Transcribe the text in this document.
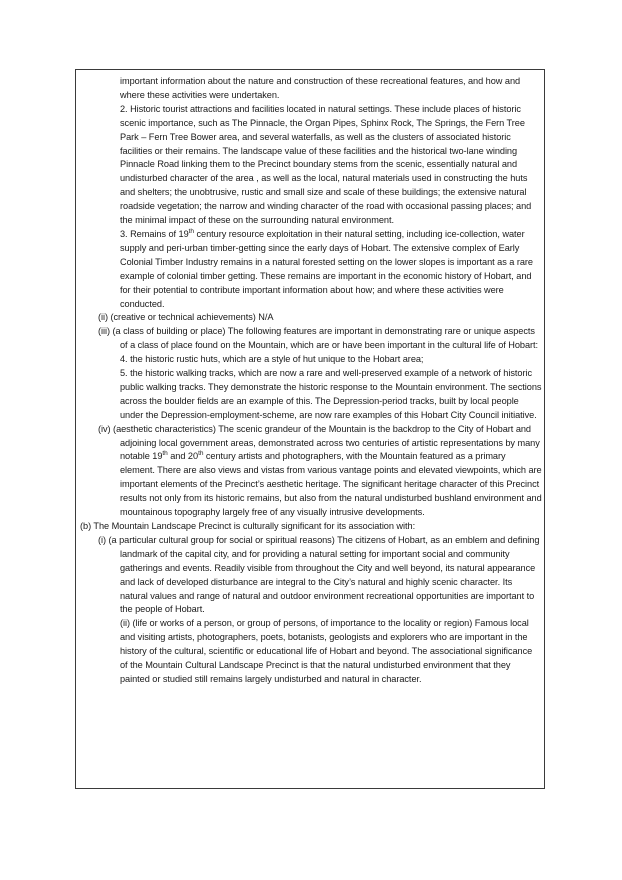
important information about the nature and construction of these recreational features, and how and where these activities were undertaken.

2. Historic tourist attractions and facilities located in natural settings. These include places of historic scenic importance, such as The Pinnacle, the Organ Pipes, Sphinx Rock, The Springs, the Fern Tree Park – Fern Tree Bower area, and several waterfalls, as well as the clusters of associated historic facilities or their remains. The landscape value of these facilities and the historical two-lane winding Pinnacle Road linking them to the Precinct boundary stems from the scenic, essentially natural and undisturbed character of the area , as well as the local, natural materials used in constructing the huts and shelters; the unobtrusive, rustic and small size and scale of these buildings; the extensive natural roadside vegetation; the narrow and winding character of the road with occasional passing places; and the minimal impact of these on the surrounding natural environment.

3. Remains of 19th century resource exploitation in their natural setting, including ice-collection, water supply and peri-urban timber-getting since the early days of Hobart. The extensive complex of Early Colonial Timber Industry remains in a natural forested setting on the lower slopes is important as a rare example of colonial timber getting. These remains are important in the economic history of Hobart, and for their potential to contribute important information about how; and where these activities were conducted.

(ii) (creative or technical achievements) N/A

(iii) (a class of building or place) The following features are important in demonstrating rare or unique aspects of a class of place found on the Mountain, which are or have been important in the cultural life of Hobart:

4. the historic rustic huts, which are a style of hut unique to the Hobart area;

5. the historic walking tracks, which are now a rare and well-preserved example of a network of historic public walking tracks. They demonstrate the historic response to the Mountain environment. The sections across the boulder fields are an example of this. The Depression-period tracks, built by local people under the Depression-employment-scheme, are now rare examples of this Hobart City Council initiative.

(iv) (aesthetic characteristics) The scenic grandeur of the Mountain is the backdrop to the City of Hobart and adjoining local government areas, demonstrated across two centuries of artistic representations by many notable 19th and 20th century artists and photographers, with the Mountain featured as a primary element. There are also views and vistas from various vantage points and elevated viewpoints, which are important elements of the Precinct’s aesthetic heritage. The significant heritage character of this Precinct results not only from its historic remains, but also from the natural undisturbed bushland environment and mountainous topography largely free of any visually intrusive developments.

(b) The Mountain Landscape Precinct is culturally significant for its association with:

(i) (a particular cultural group for social or spiritual reasons) The citizens of Hobart, as an emblem and defining landmark of the capital city, and for providing a natural setting for important social and community gatherings and events. Readily visible from throughout the City and well beyond, its natural appearance and lack of developed disturbance are integral to the City’s natural and highly scenic character. Its natural values and range of natural and outdoor environment recreational opportunities are important to the people of Hobart.

(ii) (life or works of a person, or group of persons, of importance to the locality or region) Famous local and visiting artists, photographers, poets, botanists, geologists and explorers who are important in the history of the cultural, scientific or educational life of Hobart and beyond. The associational significance of the Mountain Cultural Landscape Precinct is that the natural undisturbed environment that they painted or studied still remains largely undisturbed and natural in character.
